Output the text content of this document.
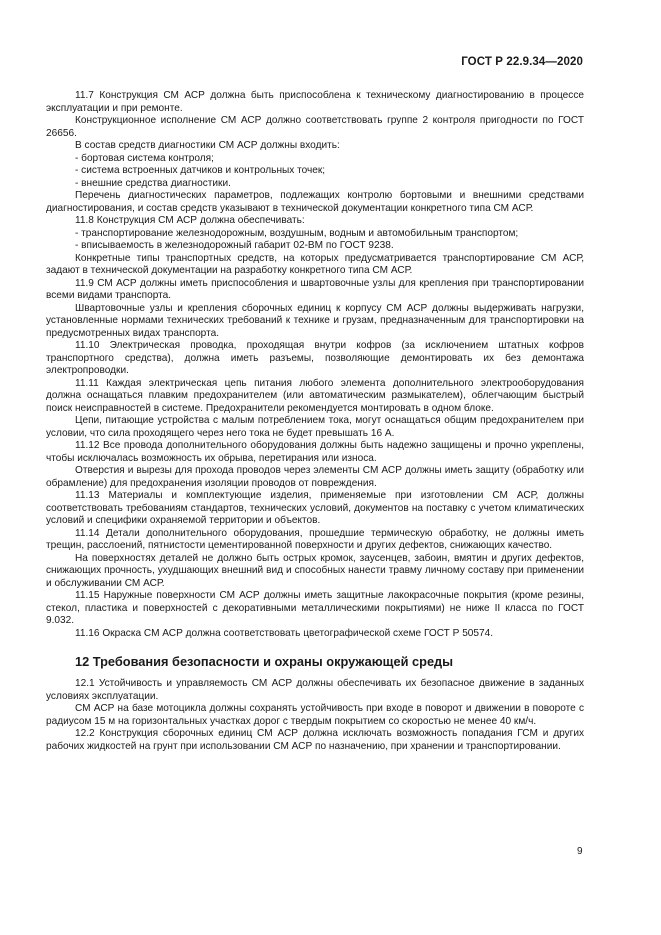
ГОСТ Р 22.9.34—2020

11.7 Конструкция СМ АСР должна быть приспособлена к техническому диагностированию в процессе эксплуатации и при ремонте.

Конструкционное исполнение СМ АСР должно соответствовать группе 2 контроля пригодности по ГОСТ 26656.

В состав средств диагностики СМ АСР должны входить:

- бортовая система контроля;

- система встроенных датчиков и контрольных точек;

- внешние средства диагностики.

Перечень диагностических параметров, подлежащих контролю бортовыми и внешними средствами диагностирования, и состав средств указывают в технической документации конкретного типа СМ АСР.

11.8 Конструкция СМ АСР должна обеспечивать:

- транспортирование железнодорожным, воздушным, водным и автомобильным транспортом;

- вписываемость в железнодорожный габарит 02-ВМ по ГОСТ 9238.

Конкретные типы транспортных средств, на которых предусматривается транспортирование СМ АСР, задают в технической документации на разработку конкретного типа СМ АСР.

11.9 СМ АСР должны иметь приспособления и швартовочные узлы для крепления при транспортировании всеми видами транспорта.

Швартовочные узлы и крепления сборочных единиц к корпусу СМ АСР должны выдерживать нагрузки, установленные нормами технических требований к технике и грузам, предназначенным для транспортировки на предусмотренных видах транспорта.

11.10 Электрическая проводка, проходящая внутри кофров (за исключением штатных кофров транспортного средства), должна иметь разъемы, позволяющие демонтировать их без демонтажа электропроводки.

11.11 Каждая электрическая цепь питания любого элемента дополнительного электрооборудования должна оснащаться плавким предохранителем (или автоматическим размыкателем), облегчающим быстрый поиск неисправностей в системе. Предохранители рекомендуется монтировать в одном блоке.

Цепи, питающие устройства с малым потреблением тока, могут оснащаться общим предохранителем при условии, что сила проходящего через него тока не будет превышать 16 А.

11.12 Все провода дополнительного оборудования должны быть надежно защищены и прочно укреплены, чтобы исключалась возможность их обрыва, перетирания или износа.

Отверстия и вырезы для прохода проводов через элементы СМ АСР должны иметь защиту (обработку или обрамление) для предохранения изоляции проводов от повреждения.

11.13 Материалы и комплектующие изделия, применяемые при изготовлении СМ АСР, должны соответствовать требованиям стандартов, технических условий, документов на поставку с учетом климатических условий и специфики охраняемой территории и объектов.

11.14 Детали дополнительного оборудования, прошедшие термическую обработку, не должны иметь трещин, расслоений, пятнистости цементированной поверхности и других дефектов, снижающих качество.

На поверхностях деталей не должно быть острых кромок, заусенцев, забоин, вмятин и других дефектов, снижающих прочность, ухудшающих внешний вид и способных нанести травму личному составу при применении и обслуживании СМ АСР.

11.15 Наружные поверхности СМ АСР должны иметь защитные лакокрасочные покрытия (кроме резины, стекол, пластика и поверхностей с декоративными металлическими покрытиями) не ниже II класса по ГОСТ 9.032.

11.16 Окраска СМ АСР должна соответствовать цветографической схеме ГОСТ Р 50574.

12 Требования безопасности и охраны окружающей среды

12.1 Устойчивость и управляемость СМ АСР должны обеспечивать их безопасное движение в заданных условиях эксплуатации.

СМ АСР на базе мотоцикла должны сохранять устойчивость при входе в поворот и движении в повороте с радиусом 15 м на горизонтальных участках дорог с твердым покрытием со скоростью не менее 40 км/ч.

12.2 Конструкция сборочных единиц СМ АСР должна исключать возможность попадания ГСМ и других рабочих жидкостей на грунт при использовании СМ АСР по назначению, при хранении и транспортировании.

9
